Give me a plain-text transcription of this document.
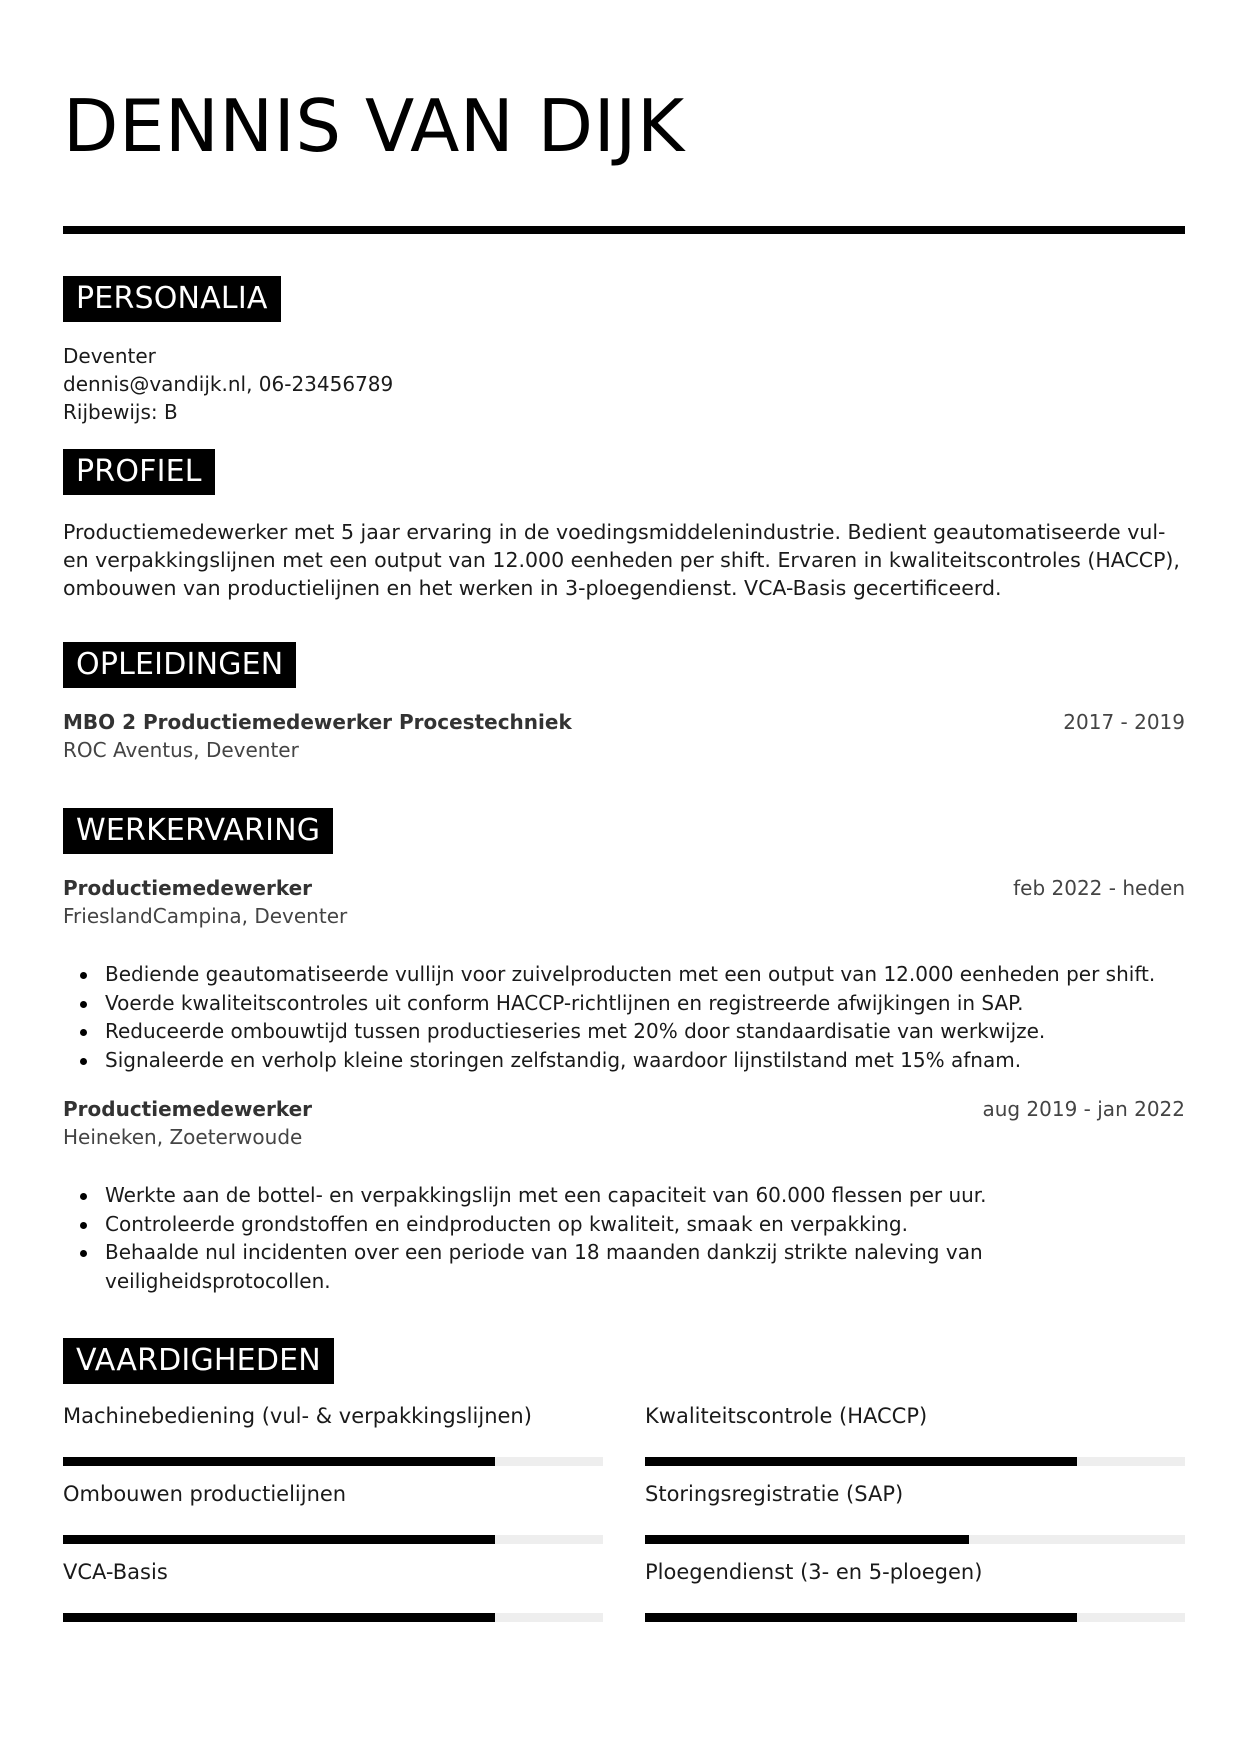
DENNIS VAN DIJK
PERSONALIA

Deventer

dennis@vandijk.nl, 06-23456789

Rijbewijs: B

PROFIEL

Productiemedewerker met 5 jaar ervaring in de voedingsmiddelenindustrie. Bedient geautomatiseerde vul- en verpakkingslijnen met een output van 12.000 eenheden per shift. Ervaren in kwaliteitscontroles (HACCP), ombouwen van productielijnen en het werken in 3-ploegendienst. VCA-Basis gecertificeerd.

OPLEIDINGEN
MBO 2 Productiemedewerker Procestechniek	2017 - 2019
ROC Aventus, Deventer
WERKERVARING
Productiemedewerker	feb 2022 - heden
FrieslandCampina, Deventer
Bediende geautomatiseerde vullijn voor zuivelproducten met een output van 12.000 eenheden per shift.
Voerde kwaliteitscontroles uit conform HACCP-richtlijnen en registreerde afwijkingen in SAP.
Reduceerde ombouwtijd tussen productieseries met 20% door standaardisatie van werkwijze.
Signaleerde en verholp kleine storingen zelfstandig, waardoor lijnstilstand met 15% afnam.
Productiemedewerker	aug 2019 - jan 2022
Heineken, Zoeterwoude
Werkte aan de bottel- en verpakkingslijn met een capaciteit van 60.000 flessen per uur.
Controleerde grondstoffen en eindproducten op kwaliteit, smaak en verpakking.
Behaalde nul incidenten over een periode van 18 maanden dankzij strikte naleving van veiligheidsprotocollen.
VAARDIGHEDEN
Machinebediening (vul- & verpakkingslijnen)	Kwaliteitscontrole (HACCP)
Ombouwen productielijnen	Storingsregistratie (SAP)
VCA-Basis	Ploegendienst (3- en 5-ploegen)
